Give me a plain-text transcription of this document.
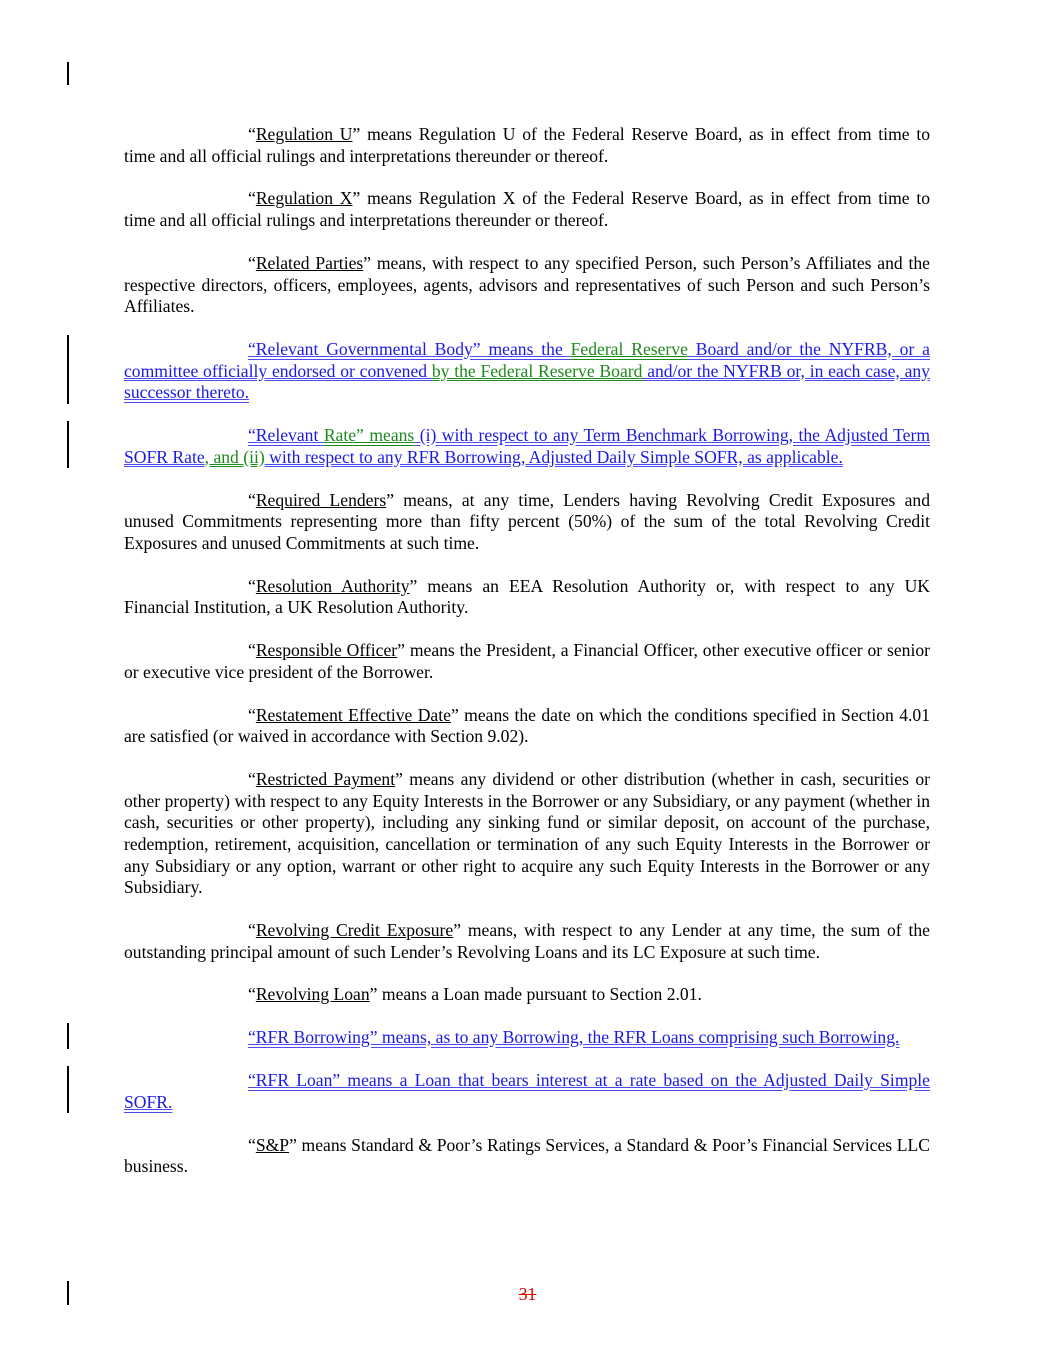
“Regulation U” means Regulation U of the Federal Reserve Board, as in effect from time to time and all official rulings and interpretations thereunder or thereof.

“Regulation X” means Regulation X of the Federal Reserve Board, as in effect from time to time and all official rulings and interpretations thereunder or thereof.

“Related Parties” means, with respect to any specified Person, such Person’s Affiliates and the respective directors, officers, employees, agents, advisors and representatives of such Person and such Person’s Affiliates.

“Relevant Governmental Body” means the Federal Reserve Board and/or the NYFRB, or a committee officially endorsed or convened by the Federal Reserve Board and/or the NYFRB or, in each case, any successor thereto.

“Relevant Rate” means (i) with respect to any Term Benchmark Borrowing, the Adjusted Term SOFR Rate, and (ii) with respect to any RFR Borrowing, Adjusted Daily Simple SOFR, as applicable.

“Required Lenders” means, at any time, Lenders having Revolving Credit Exposures and unused Commitments representing more than fifty percent (50%) of the sum of the total Revolving Credit Exposures and unused Commitments at such time.

“Resolution Authority” means an EEA Resolution Authority or, with respect to any UK Financial Institution, a UK Resolution Authority.

“Responsible Officer” means the President, a Financial Officer, other executive officer or senior or executive vice president of the Borrower.

“Restatement Effective Date” means the date on which the conditions specified in Section 4.01 are satisfied (or waived in accordance with Section 9.02).

“Restricted Payment” means any dividend or other distribution (whether in cash, securities or other property) with respect to any Equity Interests in the Borrower or any Subsidiary, or any payment (whether in cash, securities or other property), including any sinking fund or similar deposit, on account of the purchase, redemption, retirement, acquisition, cancellation or termination of any such Equity Interests in the Borrower or any Subsidiary or any option, warrant or other right to acquire any such Equity Interests in the Borrower or any Subsidiary.

“Revolving Credit Exposure” means, with respect to any Lender at any time, the sum of the outstanding principal amount of such Lender’s Revolving Loans and its LC Exposure at such time.

“Revolving Loan” means a Loan made pursuant to Section 2.01.

“RFR Borrowing” means, as to any Borrowing, the RFR Loans comprising such Borrowing.

“RFR Loan” means a Loan that bears interest at a rate based on the Adjusted Daily Simple SOFR.

“S&P” means Standard & Poor’s Ratings Services, a Standard & Poor’s Financial Services LLC business.

31
